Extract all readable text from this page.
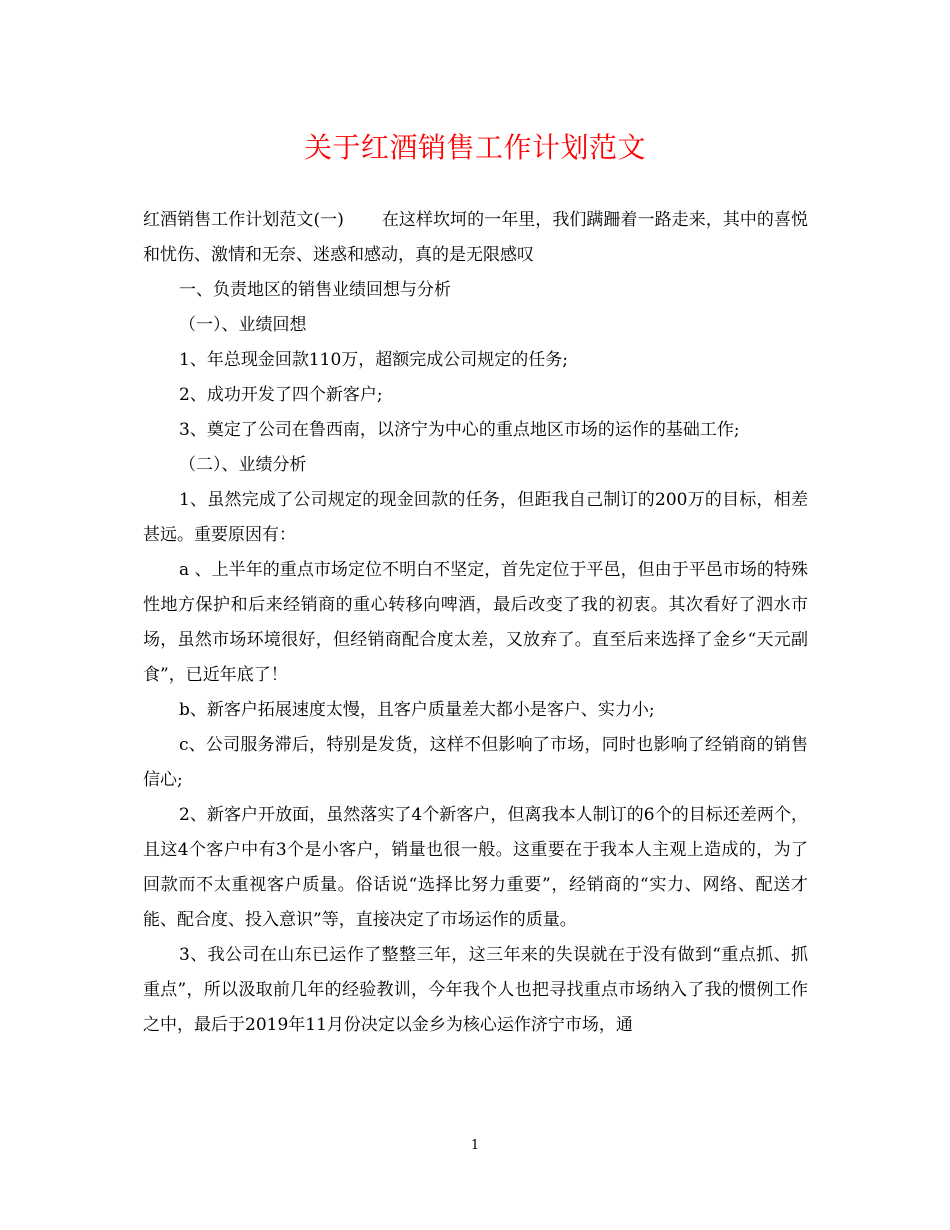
关于红酒销售工作计划范文

红酒销售工作计划范文(一) 在这样坎坷的一年里，我们蹒跚着一路走来，其中的喜悦和忧伤、激情和无奈、迷惑和感动，真的是无限感叹

一、负责地区的销售业绩回想与分析

（一）、业绩回想

1、年总现金回款110万，超额完成公司规定的任务;

2、成功开发了四个新客户;

3、奠定了公司在鲁西南，以济宁为中心的重点地区市场的运作的基础工作;

（二）、业绩分析

1、虽然完成了公司规定的现金回款的任务，但距我自己制订的200万的目标，相差甚远。重要原因有：

a 、上半年的重点市场定位不明白不坚定，首先定位于平邑，但由于平邑市场的特殊性地方保护和后来经销商的重心转移向啤酒，最后改变了我的初衷。其次看好了泗水市场，虽然市场环境很好，但经销商配合度太差，又放弃了。直至后来选择了金乡“天元副食”，已近年底了！

b、新客户拓展速度太慢，且客户质量差大都小是客户、实力小;

c、公司服务滞后，特别是发货，这样不但影响了市场，同时也影响了经销商的销售信心;

2、新客户开放面，虽然落实了4个新客户，但离我本人制订的6个的目标还差两个，且这4个客户中有3个是小客户，销量也很一般。这重要在于我本人主观上造成的，为了回款而不太重视客户质量。俗话说“选择比努力重要”，经销商的“实力、网络、配送才能、配合度、投入意识”等，直接决定了市场运作的质量。

3、我公司在山东已运作了整整三年，这三年来的失误就在于没有做到“重点抓、抓重点”，所以汲取前几年的经验教训，今年我个人也把寻找重点市场纳入了我的惯例工作之中，最后于2019年11月份决定以金乡为核心运作济宁市场，通

1
